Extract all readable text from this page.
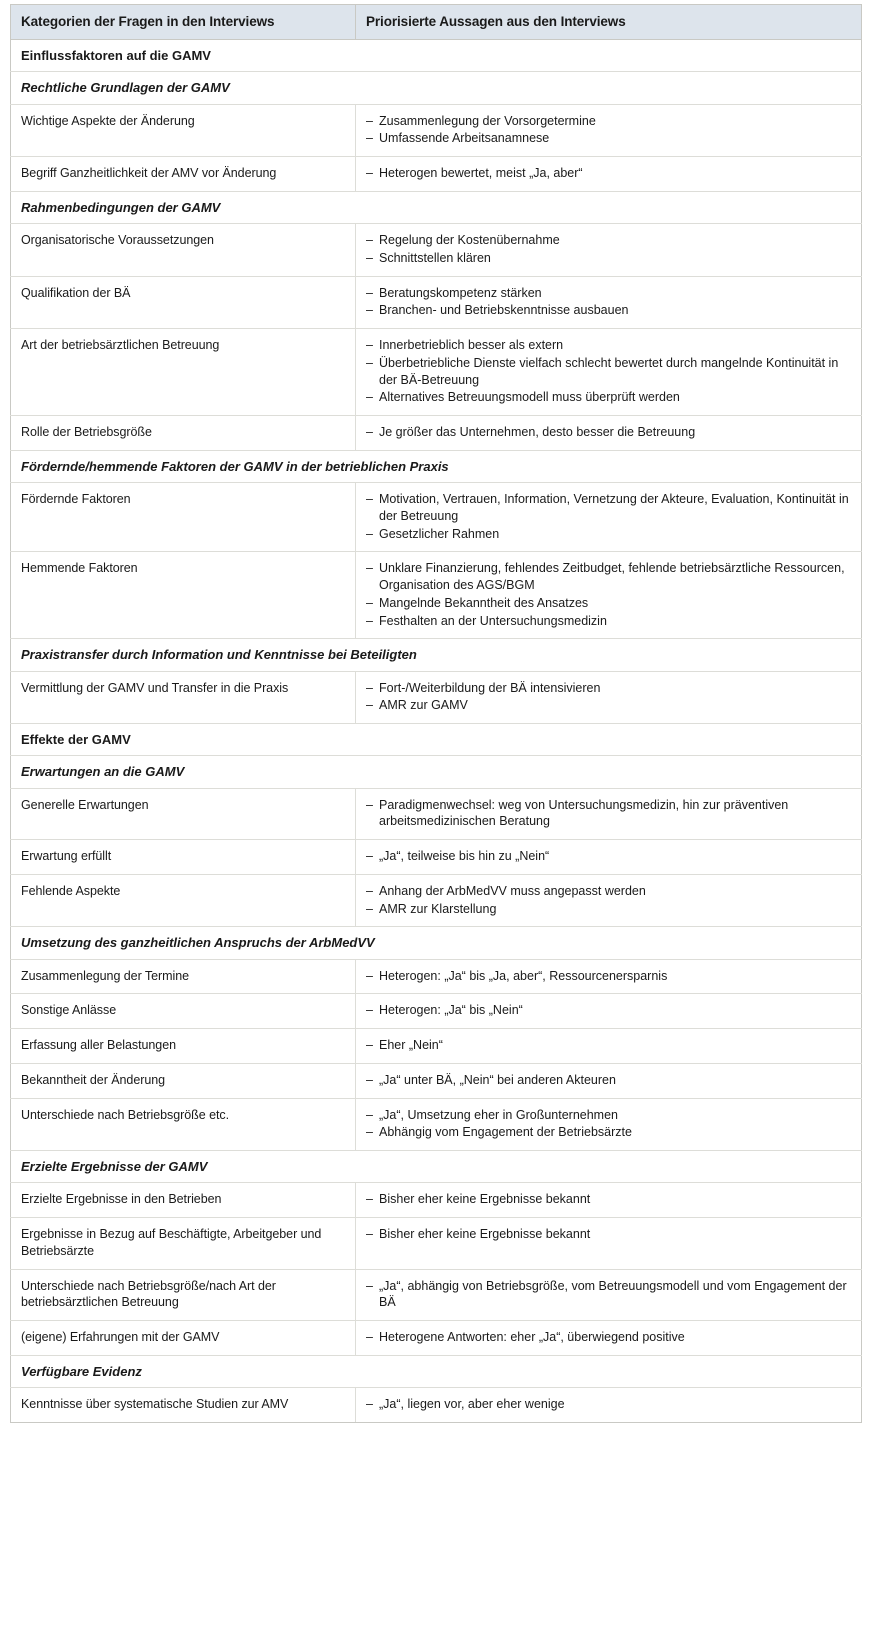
Kategorien der Fragen in den Interviews	Priorisierte Aussagen aus den Interviews
Einflussfaktoren auf die GAMV	
Rechtliche Grundlagen der GAMV	
Wichtige Aspekte der Änderung	
–Zusammenlegung der Vorsorgetermine
– Umfassende Arbeitsanamnese

Begriff Ganzheitlichkeit der AMV vor Änderung	
–Heterogen bewertet, meist „Ja, aber“

Rahmenbedingungen der GAMV	
Organisatorische Voraussetzungen	
–Regelung der Kostenübernahme
– Schnittstellen klären

Qualifikation der BÄ	
–Beratungskompetenz stärken
– Branchen- und Betriebskenntnisse ausbauen

Art der betriebsärztlichen Betreuung	
–Innerbetrieblich besser als extern
– Überbetriebliche Dienste vielfach schlecht bewertet durch mangelnde Kontinuität in der BÄ-Betreuung
– Alternatives Betreuungsmodell muss überprüft werden

Rolle der Betriebsgröße	
–Je größer das Unternehmen, desto besser die Betreuung

Fördernde/hemmende Faktoren der GAMV in der betrieblichen Praxis	
Fördernde Faktoren	
–Motivation, Vertrauen, Information, Vernetzung der Akteure, Evaluation, Kontinuität in der Betreuung
– Gesetzlicher Rahmen

Hemmende Faktoren	
–Unklare Finanzierung, fehlendes Zeitbudget, fehlende betriebsärztliche Ressourcen, Organisation des AGS/BGM
– Mangelnde Bekanntheit des Ansatzes
– Festhalten an der Untersuchungsmedizin

Praxistransfer durch Information und Kenntnisse bei Beteiligten	
Vermittlung der GAMV und Transfer in die Praxis	
–Fort-/Weiterbildung der BÄ intensivieren
– AMR zur GAMV

Effekte der GAMV	
Erwartungen an die GAMV	
Generelle Erwartungen	
–Paradigmenwechsel: weg von Untersuchungsmedizin, hin zur präventiven arbeitsmedizinischen Beratung

Erwartung erfüllt	
–„Ja“, teilweise bis hin zu „Nein“

Fehlende Aspekte	
–Anhang der ArbMedVV muss angepasst werden
– AMR zur Klarstellung

Umsetzung des ganzheitlichen Anspruchs der ArbMedVV	
Zusammenlegung der Termine	
–Heterogen: „Ja“ bis „Ja, aber“, Ressourcenersparnis

Sonstige Anlässe	
–Heterogen: „Ja“ bis „Nein“

Erfassung aller Belastungen	
–Eher „Nein“

Bekanntheit der Änderung	
–„Ja“ unter BÄ, „Nein“ bei anderen Akteuren

Unterschiede nach Betriebsgröße etc.	
–„Ja“, Umsetzung eher in Großunternehmen
– Abhängig vom Engagement der Betriebsärzte

Erzielte Ergebnisse der GAMV	
Erzielte Ergebnisse in den Betrieben	
–Bisher eher keine Ergebnisse bekannt

Ergebnisse in Bezug auf Beschäftigte, Arbeitgeber und Betriebsärzte	
– Bisher eher keine Ergebnisse bekannt

Unterschiede nach Betriebsgröße/nach Art der betriebsärztlichen Betreuung	
– „Ja“, abhängig von Betriebsgröße, vom Betreuungsmodell und vom Engagement der BÄ

(eigene) Erfahrungen mit der GAMV	
–Heterogene Antworten: eher „Ja“, überwiegend positive

Verfügbare Evidenz	
Kenntnisse über systematische Studien zur AMV	
–„Ja“, liegen vor, aber eher wenige
